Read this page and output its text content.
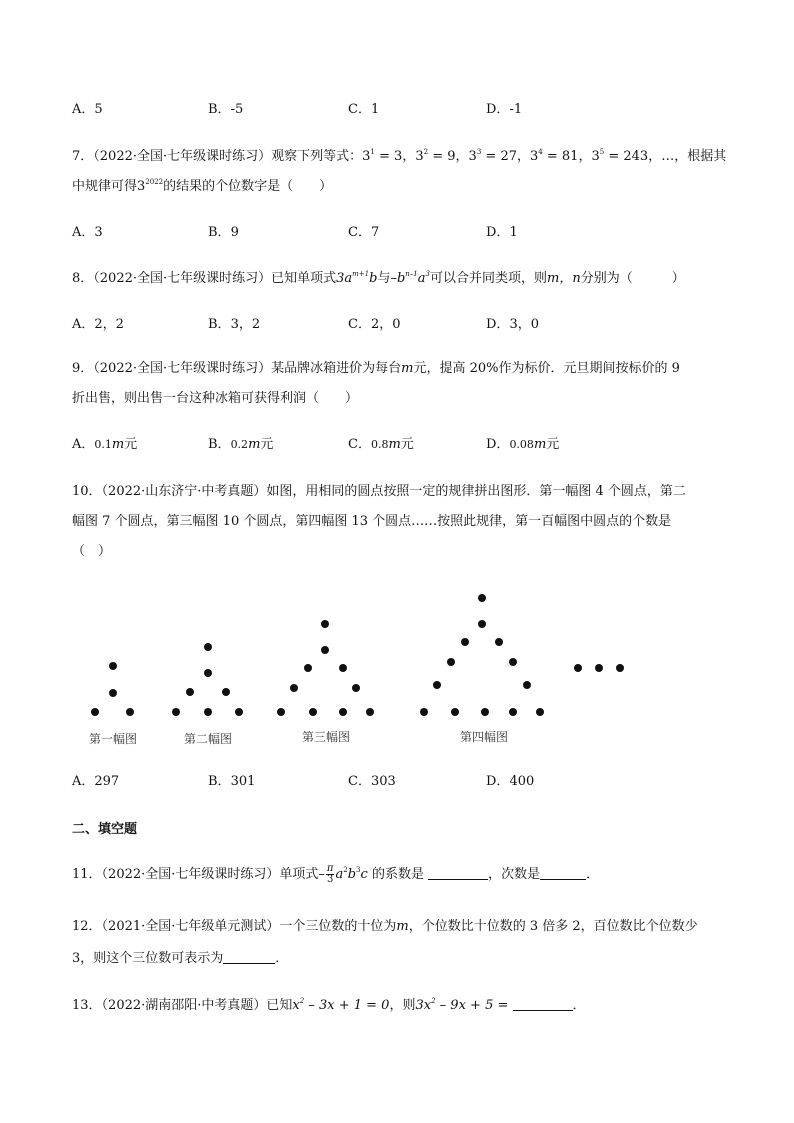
A．5	B．-5	C．1	D．-1
7．（2022·全国·七年级课时练习）观察下列等式：$3^1 = 3$，$3^2 = 9$，$3^3 = 27$，$3^4 = 81$，$3^5 = 243$，…，根据其
中规律可得$3^{2022}$的结果的个位数字是（　　）
A．3	B．9	C．7	D．1
8．（2022·全国·七年级课时练习）已知单项式$3a^{m+1}b$与$-b^{n-1}a^3$可以合并同类项，则m，n分别为（　　　）
A．2，2	B．3，2	C．2，0	D．3，0
9．（2022·全国·七年级课时练习）某品牌冰箱进价为每台m元，提高 20%作为标价．元旦期间按标价的 9
折出售，则出售一台这种冰箱可获得利润（　　）
A．0.1m元	B．0.2m元	C．0.8m元	D．0.08m元
10．（2022·山东济宁·中考真题）如图，用相同的圆点按照一定的规律拼出图形．第一幅图 4 个圆点，第二
幅图 7 个圆点，第三幅图 10 个圆点，第四幅图 13 个圆点……按照此规律，第一百幅图中圆点的个数是
（　）
第一幅图	第二幅图	第三幅图	第四幅图
A．297	B．301	C．303	D．400
二、填空题
11．（2022·全国·七年级课时练习）单项式– $\frac{\pi}{3} a^2b^3c$ 的系数是	，次数是	．
12．（2021·全国·七年级单元测试）一个三位数的十位为m，个位数比十位数的 3 倍多 2，百位数比个位数少
3，则这个三位数可表示为	．
13．（2022·湖南邵阳·中考真题）已知$x^2 - 3x + 1 = 0$，则$3x^2 - 9x + 5$ =	．
